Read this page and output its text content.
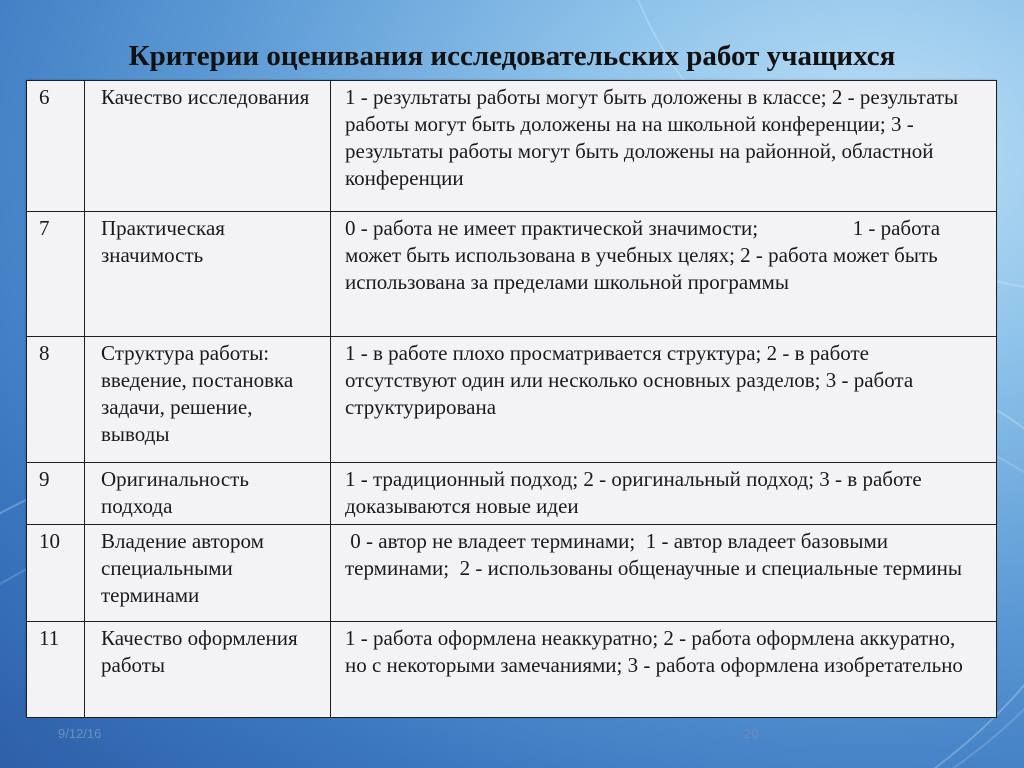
Критерии оценивания исследовательских работ учащихся
6	Качество исследования	1 - результаты работы могут быть доложены в классе; 2 - результаты работы могут быть доложены на на школьной конференции; 3 - результаты работы могут быть доложены на районной, областной конференции
7	Практическая значимость	0 - работа не имеет практической значимости;                  1 - работа может быть использована в учебных целях; 2 - работа может быть использована за пределами школьной программы
8	Структура работы: введение, постановка задачи, решение, выводы	1 - в работе плохо просматривается структура; 2 - в работе отсутствуют один или несколько основных разделов; 3 - работа структурирована
9	Оригинальность подхода	1 - традиционный подход; 2 - оригинальный подход; 3 - в работе доказываются новые идеи
10	Владение автором специальными терминами	0 - автор не владеет терминами;  1 - автор владеет базовыми терминами;  2 - использованы общенаучные и специальные термины
11	Качество оформления работы	1 - работа оформлена неаккуратно; 2 - работа оформлена аккуратно, но с некоторыми замечаниями; 3 - работа оформлена изобретательно
9/12/16	20
